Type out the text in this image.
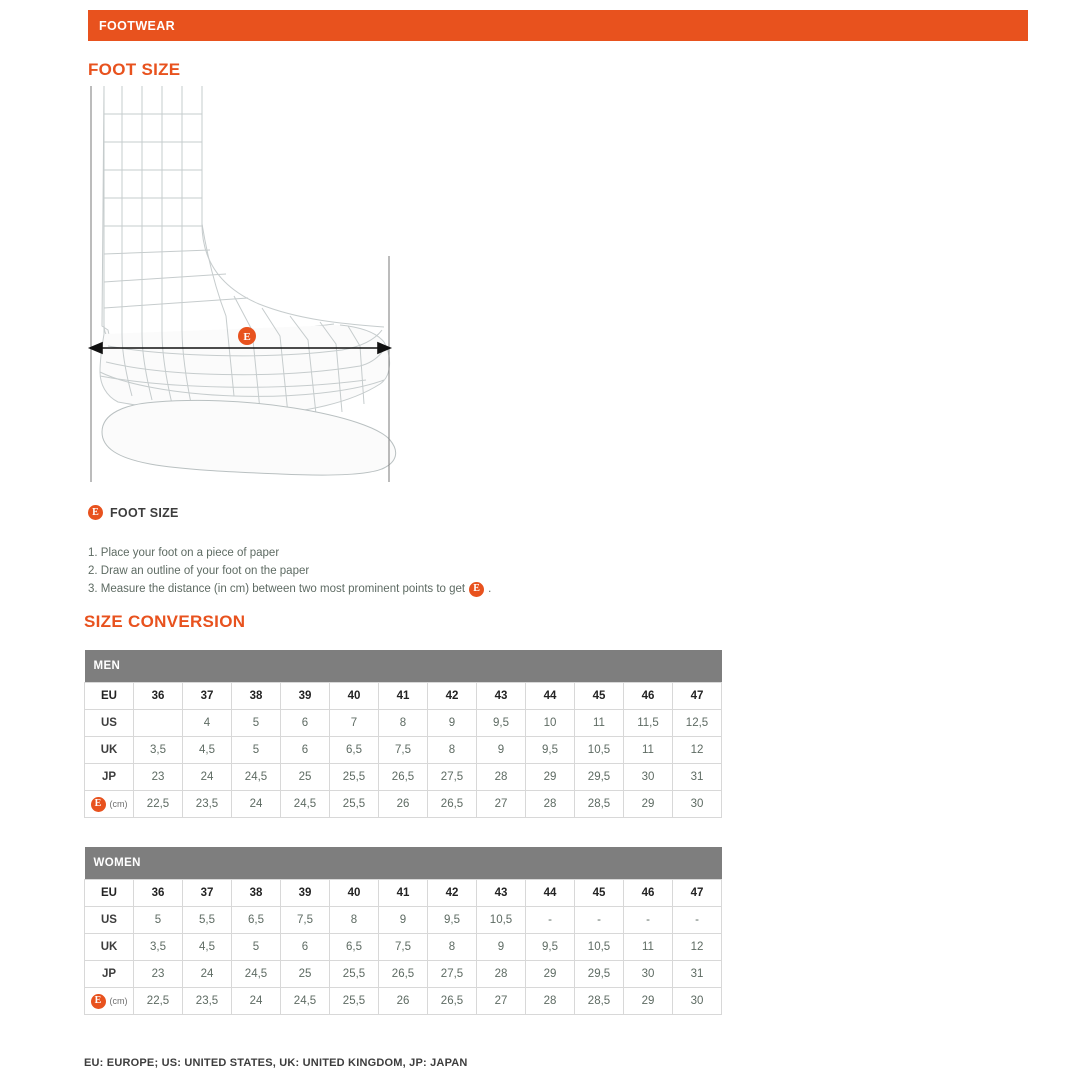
FOOTWEAR
FOOT SIZE
E
E FOOT SIZE
1. Place your foot on a piece of paper
2. Draw an outline of your foot on the paper
3. Measure the distance (in cm) between two most prominent points to get E .
SIZE CONVERSION
MEN												
EU	36	37	38	39	40	41	42	43	44	45	46	47
US		4	5	6	7	8	9	9,5	10	11	11,5	12,5
UK	3,5	4,5	5	6	6,5	7,5	8	9	9,5	10,5	11	12
JP	23	24	24,5	25	25,5	26,5	27,5	28	29	29,5	30	31

E (cm)	22,5	23,5	24	24,5	25,5	26	26,5	27	28	28,5	29	30
WOMEN												
EU	36	37	38	39	40	41	42	43	44	45	46	47
US	5	5,5	6,5	7,5	8	9	9,5	10,5	-	-	-	-
UK	3,5	4,5	5	6	6,5	7,5	8	9	9,5	10,5	11	12
JP	23	24	24,5	25	25,5	26,5	27,5	28	29	29,5	30	31

E (cm)	22,5	23,5	24	24,5	25,5	26	26,5	27	28	28,5	29	30
EU: EUROPE; US: UNITED STATES, UK: UNITED KINGDOM, JP: JAPAN
